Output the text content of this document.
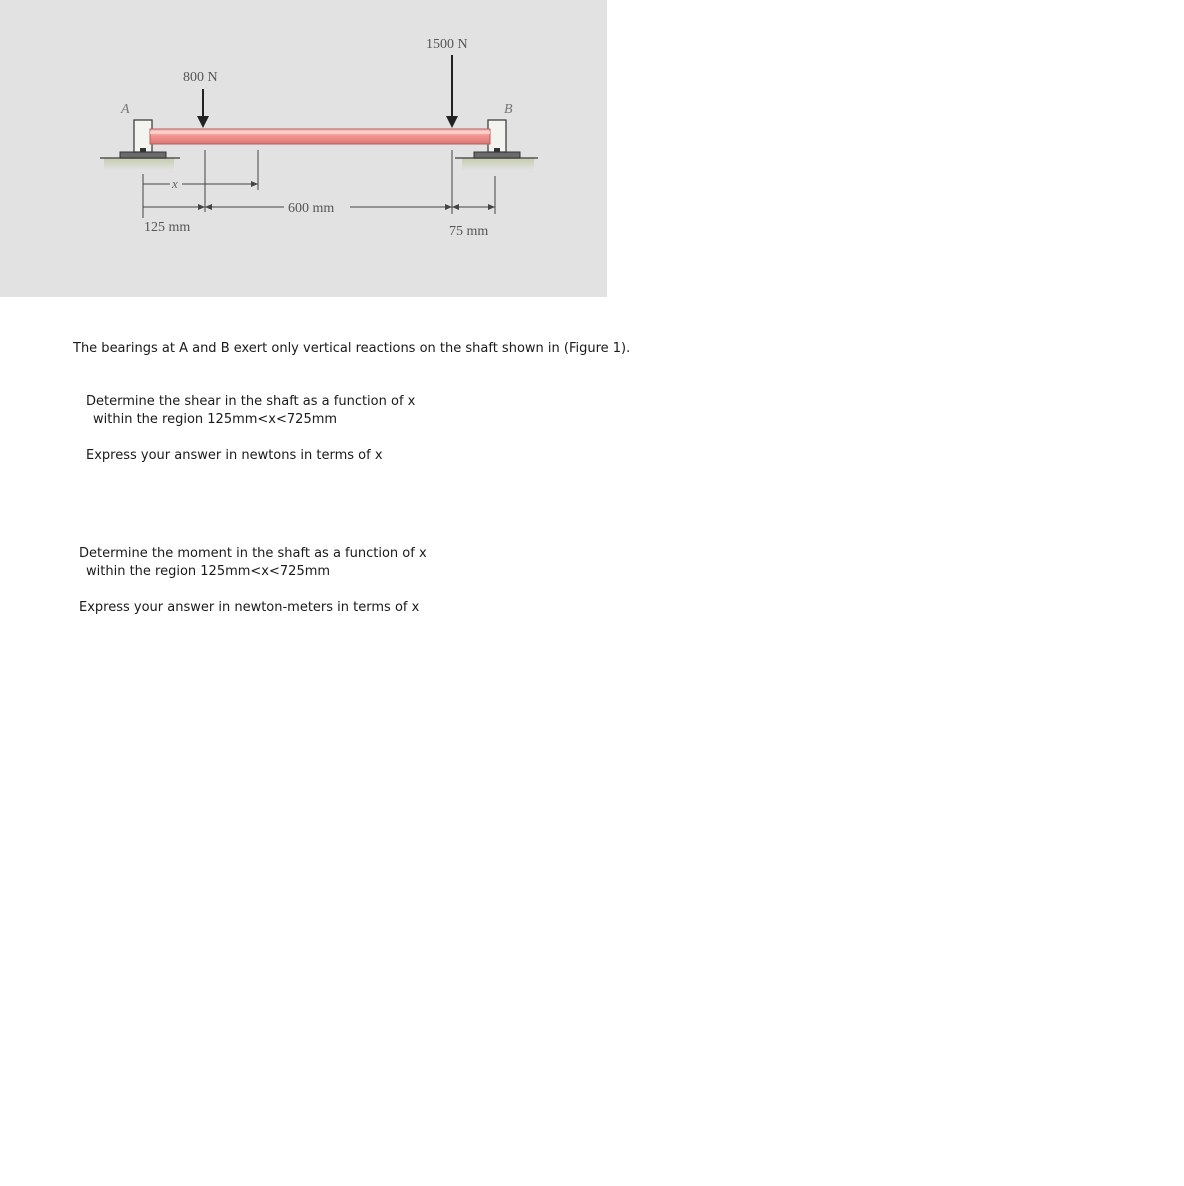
A	B
800 N
1500 N
x
125 mm
600 mm
75 mm

The bearings at A and B exert only vertical reactions on the shaft shown in (Figure 1).

Determine the shear in the shaft as a function of x

within the region 125mm<x<725mm

Express your answer in newtons in terms of x

Determine the moment in the shaft as a function of x

within the region 125mm<x<725mm

Express your answer in newton-meters in terms of x
